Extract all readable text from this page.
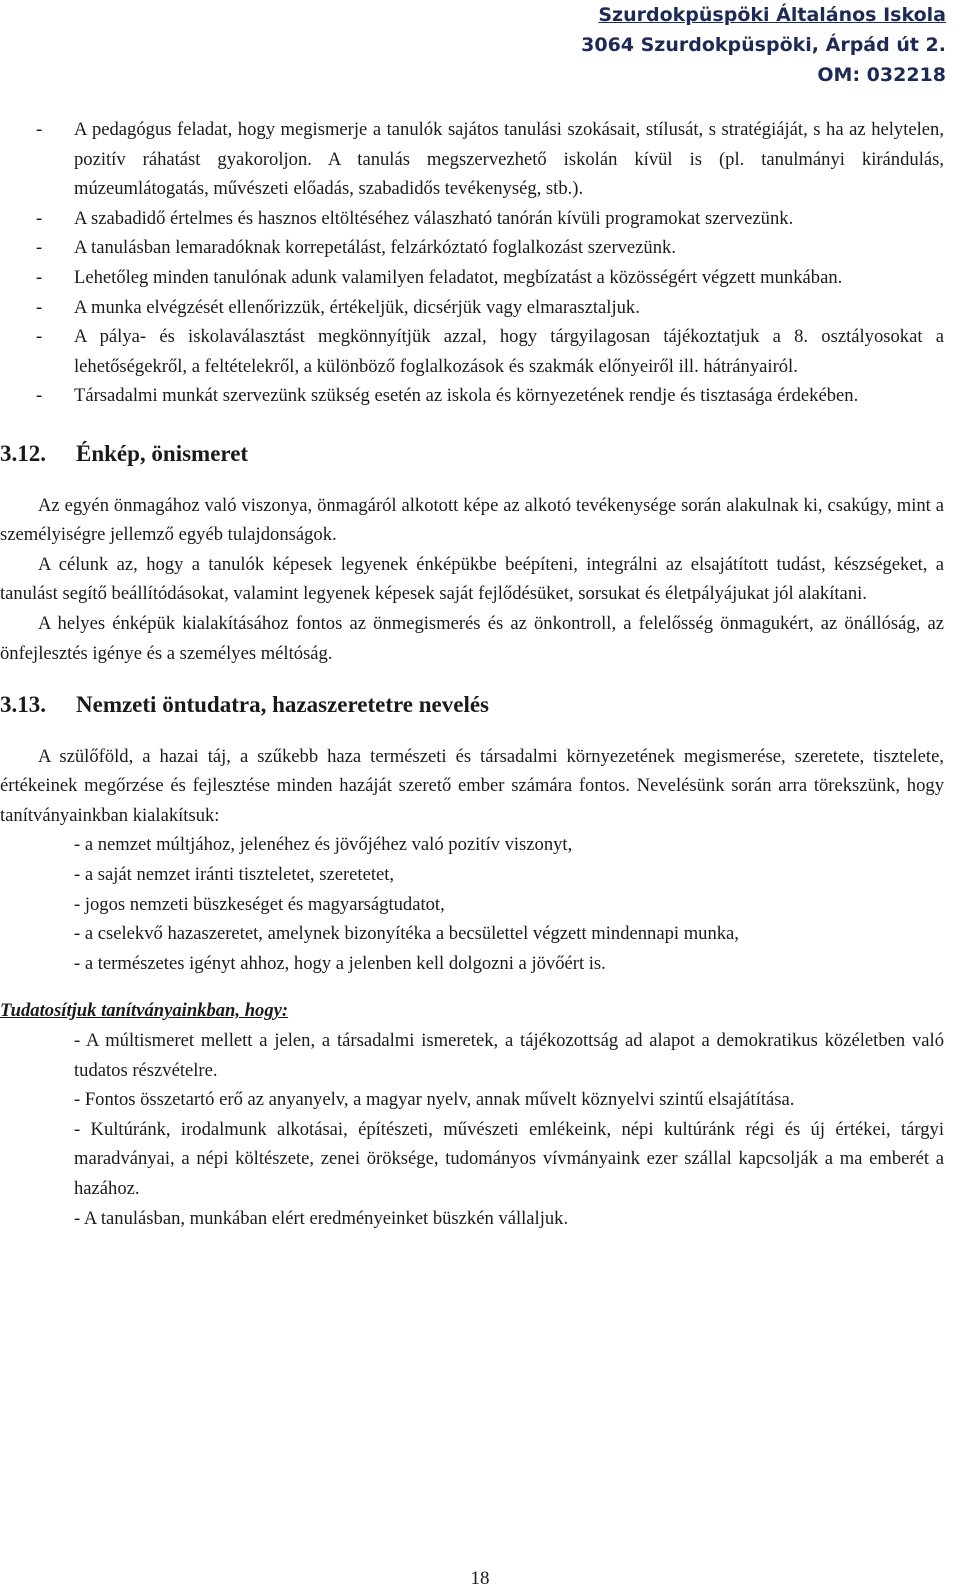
Szurdokpüspöki Általános Iskola
3064 Szurdokpüspöki, Árpád út 2.
OM: 032218
- A pedagógus feladat, hogy megismerje a tanulók sajátos tanulási szokásait, stílusát, s stratégiáját, s ha az helytelen, pozitív ráhatást gyakoroljon. A tanulás megszervezhető iskolán kívül is (pl. tanulmányi kirándulás, múzeumlátogatás, művészeti előadás, szabadidős tevékenység, stb.).
- A szabadidő értelmes és hasznos eltöltéséhez válaszható tanórán kívüli programokat szervezünk.
- A tanulásban lemaradóknak korrepetálást, felzárkóztató foglalkozást szervezünk.
- Lehetőleg minden tanulónak adunk valamilyen feladatot, megbízatást a közösségért végzett munkában.
- A munka elvégzését ellenőrizzük, értékeljük, dicsérjük vagy elmarasztaljuk.
- A pálya- és iskolaválasztást megkönnyítjük azzal, hogy tárgyilagosan tájékoztatjuk a 8. osztályosokat a lehetőségekről, a feltételekről, a különböző foglalkozások és szakmák előnyeiről ill. hátrányairól.
- Társadalmi munkát szervezünk szükség esetén az iskola és környezetének rendje és tisztasága érdekében.
3.12.	Énkép, önismeret

Az egyén önmagához való viszonya, önmagáról alkotott képe az alkotó tevékenysége során alakulnak ki, csakúgy, mint a személyiségre jellemző egyéb tulajdonságok.

A célunk az, hogy a tanulók képesek legyenek énképükbe beépíteni, integrálni az elsajátított tudást, készségeket, a tanulást segítő beállítódásokat, valamint legyenek képesek saját fejlődésüket, sorsukat és életpályájukat jól alakítani.

A helyes énképük kialakításához fontos az önmegismerés és az önkontroll, a felelősség önmagukért, az önállóság, az önfejlesztés igénye és a személyes méltóság.

3.13.	Nemzeti öntudatra, hazaszeretetre nevelés

A szülőföld, a hazai táj, a szűkebb haza természeti és társadalmi környezetének megismerése, szeretete, tisztelete, értékeinek megőrzése és fejlesztése minden hazáját szerető ember számára fontos. Nevelésünk során arra törekszünk, hogy tanítványainkban kialakítsuk:

- a nemzet múltjához, jelenéhez és jövőjéhez való pozitív viszonyt,
- a saját nemzet iránti tiszteletet, szeretetet,
- jogos nemzeti büszkeséget és magyarságtudatot,
- a cselekvő hazaszeretet, amelynek bizonyítéka a becsülettel végzett mindennapi munka,
- a természetes igényt ahhoz, hogy a jelenben kell dolgozni a jövőért is.
Tudatosítjuk tanítványainkban, hogy:
- A múltismeret mellett a jelen, a társadalmi ismeretek, a tájékozottság ad alapot a demokratikus közéletben való tudatos részvételre.
- Fontos összetartó erő az anyanyelv, a magyar nyelv, annak művelt köznyelvi szintű elsajátítása.
- Kultúránk, irodalmunk alkotásai, építészeti, művészeti emlékeink, népi kultúránk régi és új értékei, tárgyi maradványai, a népi költészete, zenei öröksége, tudományos vívmányaink ezer szállal kapcsolják a ma emberét a hazához.
- A tanulásban, munkában elért eredményeinket büszkén vállaljuk.
18
